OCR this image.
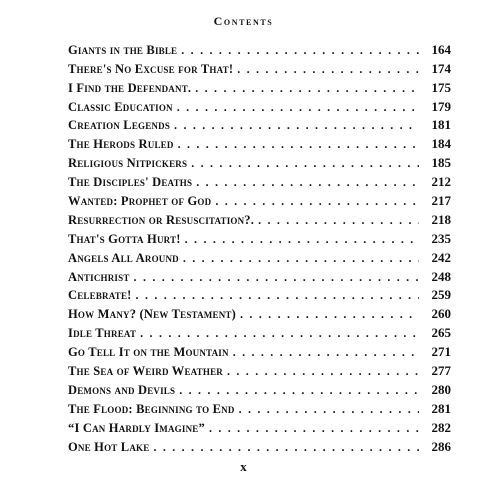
Contents
Giants in the Bible . . .	164
There's No Excuse for That! . . .	174
I Find the Defendant. . . .	175
Classic Education . . .	179
Creation Legends . . .	181
The Herods Ruled . . .	184
Religious Nitpickers . . .	185
The Disciples' Deaths . . .	212
Wanted: Prophet of God . . .	217
Resurrection or Resuscitation?. . . .	218
That's Gotta Hurt! . . .	235
Angels All Around . . .	242
Antichrist . . .	248
Celebrate! . . .	259
How Many? (New Testament) . . .	260
Idle Threat . . .	265
Go Tell It on the Mountain . . .	271
The Sea of Weird Weather . . .	277
Demons and Devils . . .	280
The Flood: Beginning to End . . .	281
“I Can Hardly Imagine” . . .	282
One Hot Lake . . .	286
x
